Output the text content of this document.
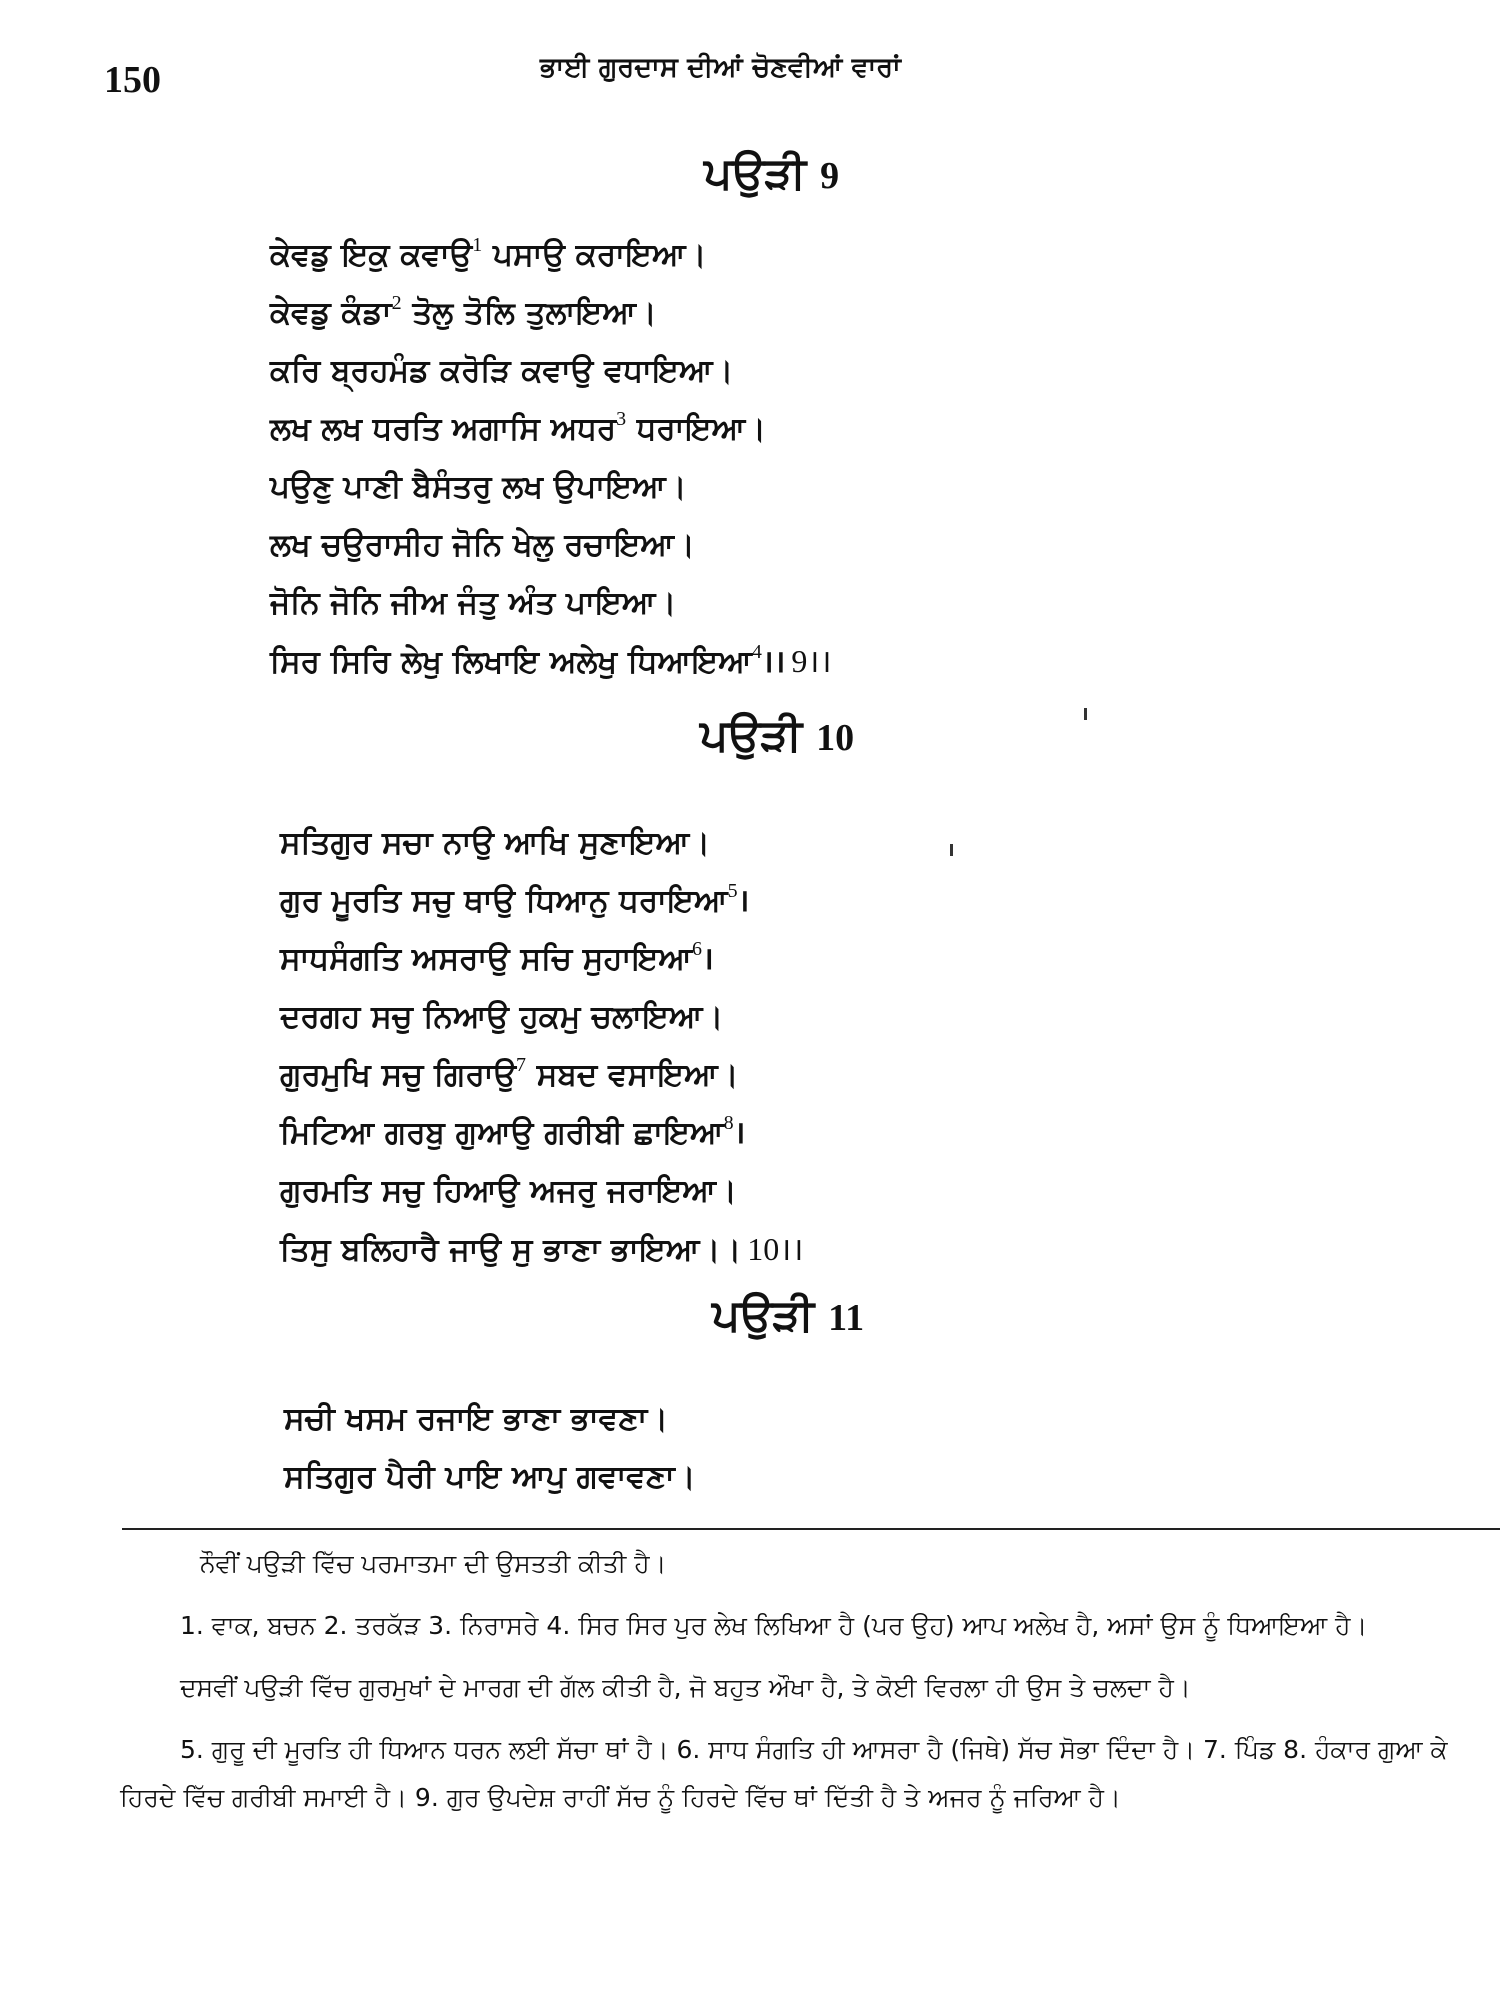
150	ਭਾਈ ਗੁਰਦਾਸ ਦੀਆਂ ਚੋਣਵੀਆਂ ਵਾਰਾਂ
ਪਉੜੀ 9
ਕੇਵਡੁ ਇਕੁ ਕਵਾਉ$^1$ ਪਸਾਉ ਕਰਾਇਆ।
ਕੇਵਡੁ ਕੰਡਾ$^2$ ਤੋਲੁ ਤੋਲਿ ਤੁਲਾਇਆ।
ਕਰਿ ਬ੍ਰਹਮੰਡ ਕਰੋੜਿ ਕਵਾਉ ਵਧਾਇਆ।
ਲਖ ਲਖ ਧਰਤਿ ਅਗਾਸਿ ਅਧਰ$^3$ ਧਰਾਇਆ।
ਪਉਣੁ ਪਾਣੀ ਬੈਸੰਤਰੁ ਲਖ ਉਪਾਇਆ।
ਲਖ ਚਉਰਾਸੀਹ ਜੋਨਿ ਖੇਲੁ ਰਚਾਇਆ।
ਜੋਨਿ ਜੋਨਿ ਜੀਅ ਜੰਤੁ ਅੰਤ ਪਾਇਆ।
ਸਿਰ ਸਿਰਿ ਲੇਖੁ ਲਿਖਾਇ ਅਲੇਖੁ ਧਿਆਇਆ$^4$।। 9।।
ਪਉੜੀ 10
ਸਤਿਗੁਰ ਸਚਾ ਨਾਉ ਆਖਿ ਸੁਣਾਇਆ।
ਗੁਰ ਮੂਰਤਿ ਸਚੁ ਥਾਉ ਧਿਆਨੁ ਧਰਾਇਆ$^5$।
ਸਾਧਸੰਗਤਿ ਅਸਰਾਉ ਸਚਿ ਸੁਹਾਇਆ$^6$।
ਦਰਗਹ ਸਚੁ ਨਿਆਉ ਹੁਕਮੁ ਚਲਾਇਆ।
ਗੁਰਮੁਖਿ ਸਚੁ ਗਿਰਾਉ$^7$ ਸਬਦ ਵਸਾਇਆ।
ਮਿਟਿਆ ਗਰਬੁ ਗੁਆਉ ਗਰੀਬੀ ਛਾਇਆ$^8$।
ਗੁਰਮਤਿ ਸਚੁ ਹਿਆਉ ਅਜਰੁ ਜਰਾਇਆ।
ਤਿਸੁ ਬਲਿਹਾਰੈ ਜਾਉ ਸੁ ਭਾਣਾ ਭਾਇਆ।। 10।।
ਪਉੜੀ 11
ਸਚੀ ਖਸਮ ਰਜਾਇ ਭਾਣਾ ਭਾਵਣਾ।
ਸਤਿਗੁਰ ਪੈਰੀ ਪਾਇ ਆਪੁ ਗਵਾਵਣਾ।

ਨੌਵੀਂ ਪਉੜੀ ਵਿੱਚ ਪਰਮਾਤਮਾ ਦੀ ਉਸਤਤੀ ਕੀਤੀ ਹੈ।

1. ਵਾਕ, ਬਚਨ 2. ਤਰਕੱੜ 3. ਨਿਰਾਸਰੇ 4. ਸਿਰ ਸਿਰ ਪੁਰ ਲੇਖ ਲਿਖਿਆ ਹੈ (ਪਰ ਉਹ) ਆਪ ਅਲੇਖ ਹੈ, ਅਸਾਂ ਉਸ ਨੂੰ ਧਿਆਇਆ ਹੈ।

ਦਸਵੀਂ ਪਉੜੀ ਵਿੱਚ ਗੁਰਮੁਖਾਂ ਦੇ ਮਾਰਗ ਦੀ ਗੱਲ ਕੀਤੀ ਹੈ, ਜੋ ਬਹੁਤ ਔਖਾ ਹੈ, ਤੇ ਕੋਈ ਵਿਰਲਾ ਹੀ ਉਸ ਤੇ ਚਲਦਾ ਹੈ।

5. ਗੁਰੂ ਦੀ ਮੂਰਤਿ ਹੀ ਧਿਆਨ ਧਰਨ ਲਈ ਸੱਚਾ ਥਾਂ ਹੈ। 6. ਸਾਧ ਸੰਗਤਿ ਹੀ ਆਸਰਾ ਹੈ (ਜਿਥੇ) ਸੱਚ ਸੋਭਾ ਦਿੰਦਾ ਹੈ। 7. ਪਿੰਡ 8. ਹੰਕਾਰ ਗੁਆ ਕੇ ਹਿਰਦੇ ਵਿੱਚ ਗਰੀਬੀ ਸਮਾਈ ਹੈ। 9. ਗੁਰ ਉਪਦੇਸ਼ ਰਾਹੀਂ ਸੱਚ ਨੂੰ ਹਿਰਦੇ ਵਿੱਚ ਥਾਂ ਦਿੱਤੀ ਹੈ ਤੇ ਅਜਰ ਨੂੰ ਜਰਿਆ ਹੈ।
